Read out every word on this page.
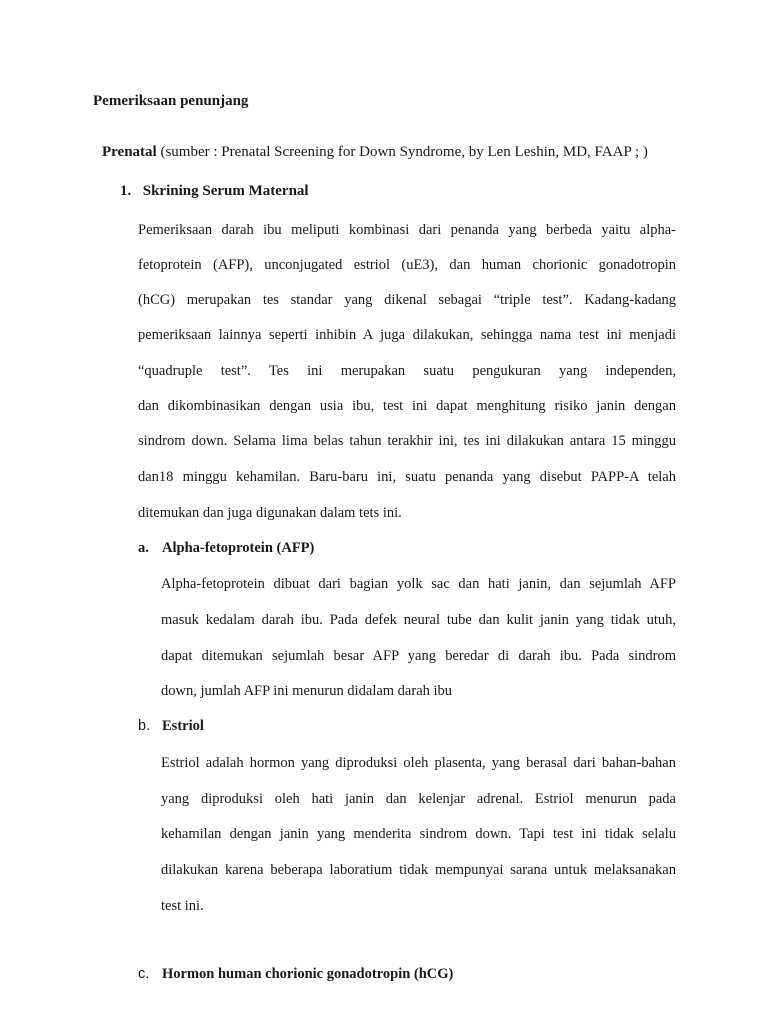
Pemeriksaan penunjang
Prenatal (sumber : Prenatal Screening for Down Syndrome, by Len Leshin, MD, FAAP ; )
1. Skrining Serum Maternal
Pemeriksaan darah ibu meliputi kombinasi dari penanda yang berbeda yaitu alpha-
fetoprotein (AFP), unconjugated estriol (uE3), dan human chorionic gonadotropin
(hCG) merupakan tes standar yang dikenal sebagai “triple test”. Kadang-kadang
pemeriksaan lainnya seperti inhibin A juga dilakukan, sehingga nama test ini menjadi
“quadruple test”. Tes ini merupakan suatu pengukuran yang independen,
dan dikombinasikan dengan usia ibu, test ini dapat menghitung risiko janin dengan
sindrom down. Selama lima belas tahun terakhir ini, tes ini dilakukan antara 15 minggu
dan18 minggu kehamilan. Baru-baru ini, suatu penanda yang disebut PAPP-A telah
ditemukan dan juga digunakan dalam tets ini.
a. Alpha-fetoprotein (AFP)
Alpha-fetoprotein dibuat dari bagian yolk sac dan hati janin, dan sejumlah AFP
masuk kedalam darah ibu. Pada defek neural tube dan kulit janin yang tidak utuh,
dapat ditemukan sejumlah besar AFP yang beredar di darah ibu. Pada sindrom
down, jumlah AFP ini menurun didalam darah ibu
b. Estriol
Estriol adalah hormon yang diproduksi oleh plasenta, yang berasal dari bahan-bahan
yang diproduksi oleh hati janin dan kelenjar adrenal. Estriol menurun pada
kehamilan dengan janin yang menderita sindrom down. Tapi test ini tidak selalu
dilakukan karena beberapa laboratium tidak mempunyai sarana untuk melaksanakan
test ini.
c. Hormon human chorionic gonadotropin (hCG)
